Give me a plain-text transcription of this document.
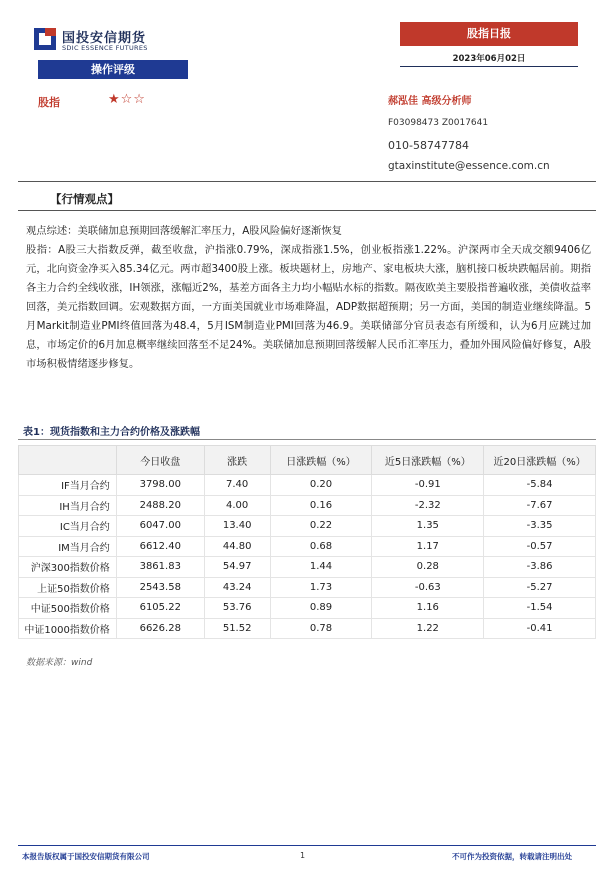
国投安信期货
SDIC ESSENCE FUTURES
股指日报
2023年06月02日
操作评级
股指	★☆☆	郝泓佳 高级分析师
F03098473 Z0017641
010-58747784
gtaxinstitute@essence.com.cn
【行情观点】

观点综述：美联储加息预期回落缓解汇率压力，A股风险偏好逐渐恢复

股指：A股三大指数反弹，截至收盘，沪指涨0.79%，深成指涨1.5%，创业板指涨1.22%。沪深两市全天成交额9406亿元，北向资金净买入85.34亿元。两市超3400股上涨。板块题材上，房地产、家电板块大涨，脑机接口板块跌幅居前。期指各主力合约全线收涨，IH领涨，涨幅近2%，基差方面各主力均小幅贴水标的指数。隔夜欧美主要股指普遍收涨，美债收益率回落，美元指数回调。宏观数据方面，一方面美国就业市场难降温，ADP数据超预期；另一方面，美国的制造业继续降温。5月Markit制造业PMI终值回落为48.4，5月ISM制造业PMI回落为46.9。美联储部分官员表态有所缓和，认为6月应跳过加息，市场定价的6月加息概率继续回落至不足24%。美联储加息预期回落缓解人民币汇率压力，叠加外围风险偏好修复，A股市场积极情绪逐步修复。

表1：现货指数和主力合约价格及涨跌幅
	今日收盘	涨跌	日涨跌幅（%）	近5日涨跌幅（%）	近20日涨跌幅（%）
IF当月合约	3798.00	7.40	0.20	-0.91	-5.84
IH当月合约	2488.20	4.00	0.16	-2.32	-7.67
IC当月合约	6047.00	13.40	0.22	1.35	-3.35
IM当月合约	6612.40	44.80	0.68	1.17	-0.57
沪深300指数价格	3861.83	54.97	1.44	0.28	-3.86
上证50指数价格	2543.58	43.24	1.73	-0.63	-5.27
中证500指数价格	6105.22	53.76	0.89	1.16	-1.54
中证1000指数价格	6626.28	51.52	0.78	1.22	-0.41
数据来源：wind
本报告版权属于国投安信期货有限公司	1	不可作为投资依据，转载请注明出处
